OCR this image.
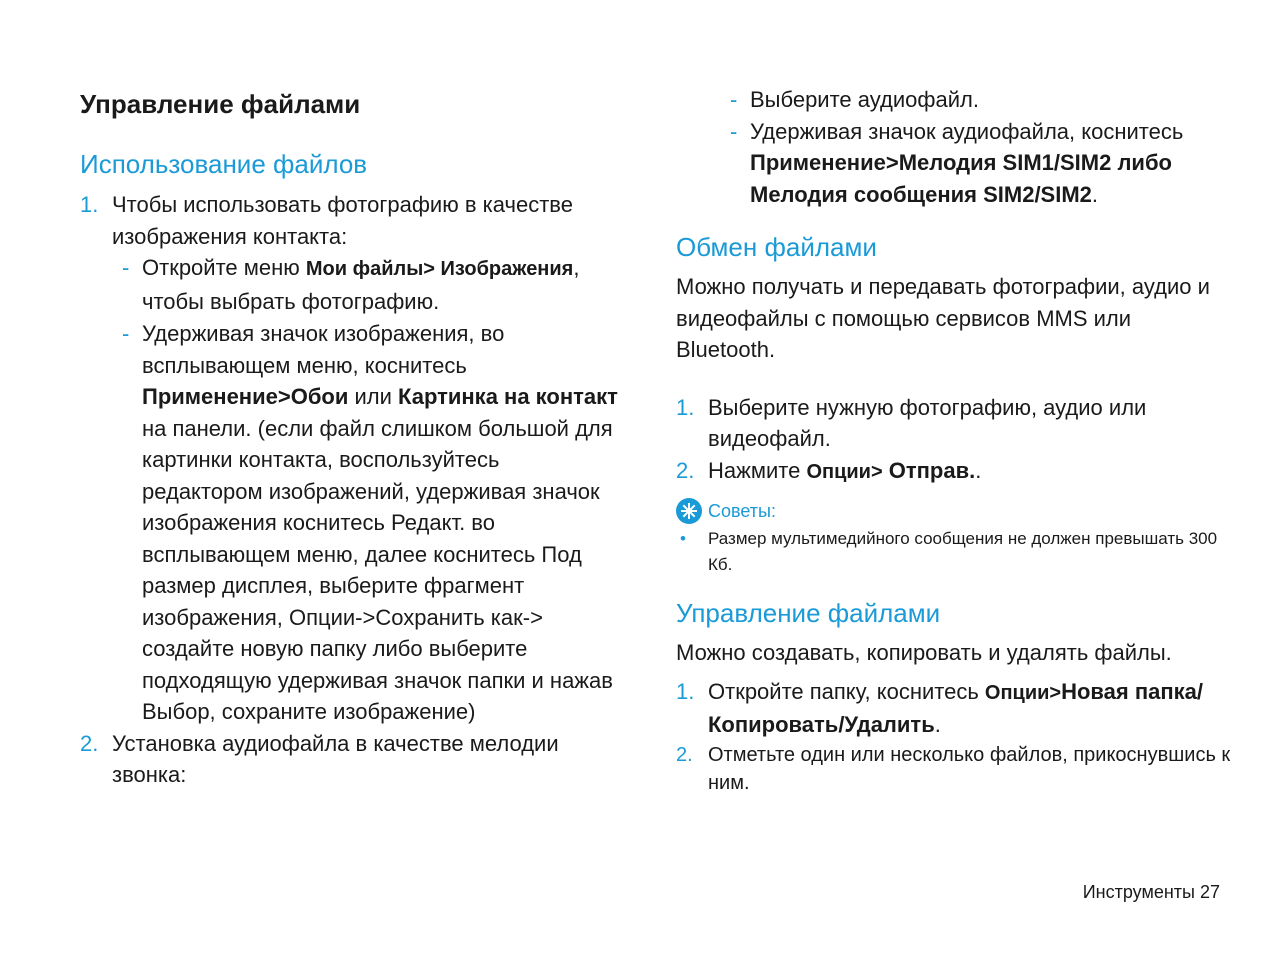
Управление файлами
Использование файлов
1. Чтобы использовать фотографию в качестве изображения контакта:
- Откройте меню Мои файлы> Изображения, чтобы выбрать фотографию.
- Удерживая значок изображения, во всплывающем меню, коснитесь Применение>Обои или Картинка на контакт на панели. (если файл слишком большой для картинки контакта, воспользуйтесь редактором изображений, удерживая значок изображения коснитесь Редакт. во всплывающем меню, далее коснитесь Под размер дисплея, выберите фрагмент изображения, Опции->Сохранить как-> создайте новую папку либо выберите подходящую удерживая значок папки и нажав Выбор, сохраните изображение)
2. Установка аудиофайла в качестве мелодии звонка:
- Выберите аудиофайл.
- Удерживая значок аудиофайла, коснитесь Применение>Мелодия SIM1/SIM2 либо Мелодия сообщения SIM2/SIM2.
Обмен файлами

Можно получать и передавать фотографии, аудио и видеофайлы с помощью сервисов MMS или Bluetooth.

1. Выберите нужную фотографию, аудио или видеофайл.
2. Нажмите Опции> Отправ..
Советы:
• Размер мультимедийного сообщения не должен превышать 300 Кб.
Управление файлами

Можно создавать, копировать и удалять файлы.

1. Откройте папку, коснитесь Опции>Новая папка/Копировать/Удалить.
2. Отметьте один или несколько файлов, прикоснувшись к ним.
Инструменты 27
